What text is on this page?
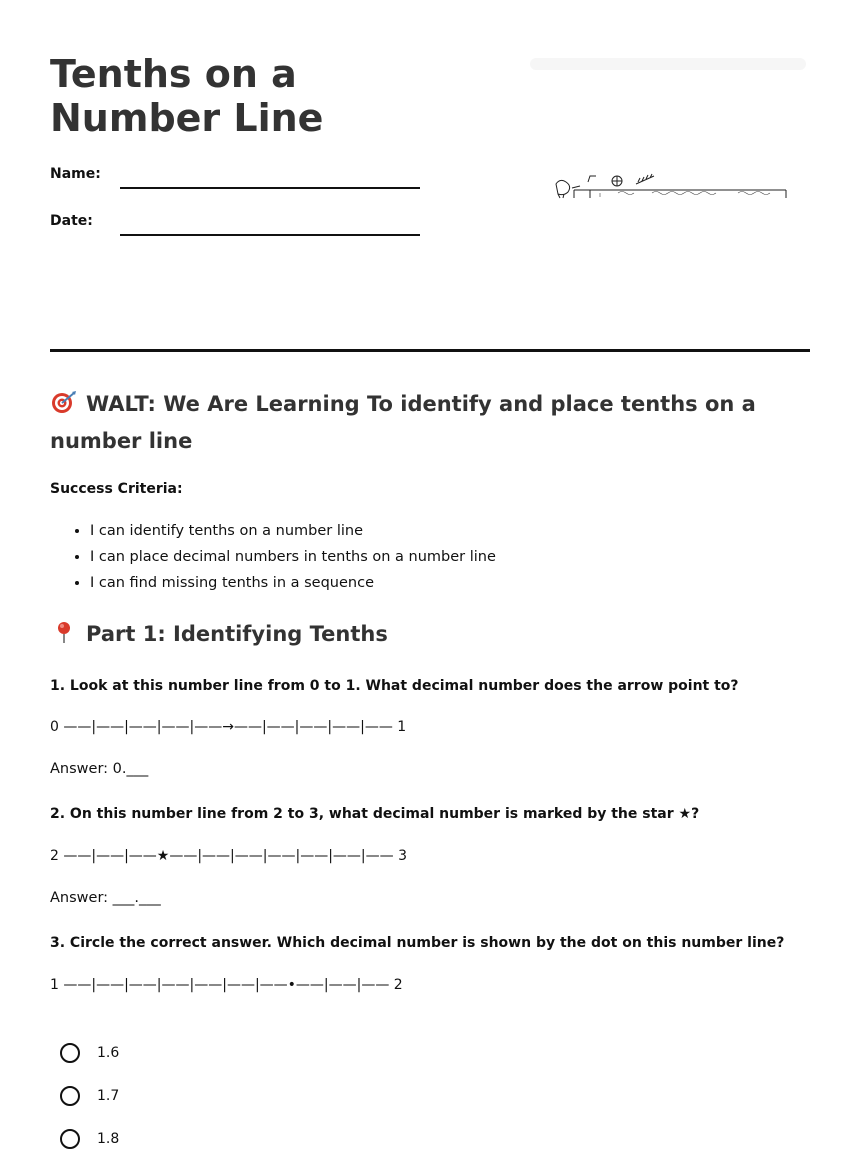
Tenths on a Number Line
Name:
Date:
WALT: We Are Learning To identify and place tenths on a number line
Success Criteria:
• I can identify tenths on a number line
• I can place decimal numbers in tenths on a number line
• I can find missing tenths in a sequence
Part 1: Identifying Tenths
1. Look at this number line from 0 to 1. What decimal number does the arrow point to?
0 ——|——|——|——|——→——|——|——|——|—— 1
Answer: 0.___
2. On this number line from 2 to 3, what decimal number is marked by the star ★?
2 ——|——|——★——|——|——|——|——|——|—— 3
Answer: ___.___
3. Circle the correct answer. Which decimal number is shown by the dot on this number line?
1 ——|——|——|——|——|——|——•——|——|—— 2
1.6
1.7
1.8
